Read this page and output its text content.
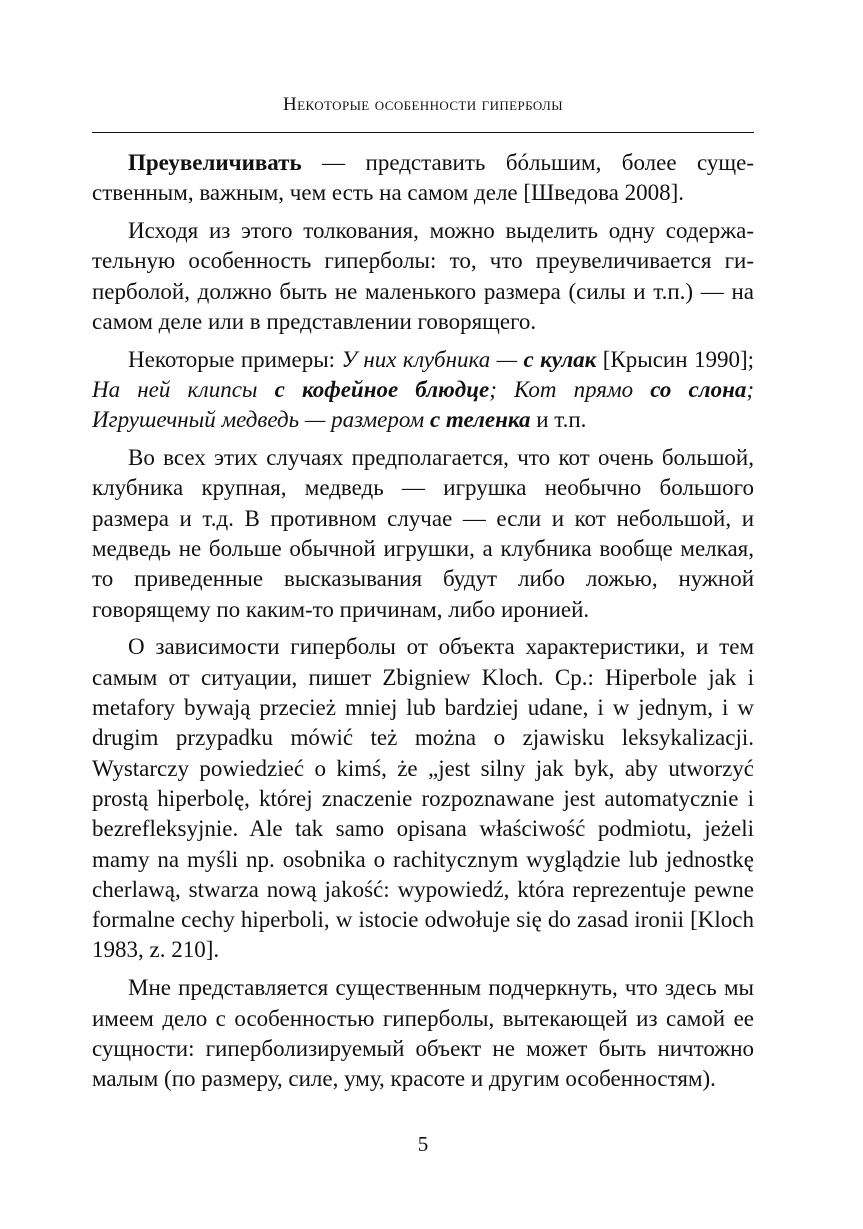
Некоторые особенности гиперболы

Преувеличивать — представить бóльшим, более существенным, важным, чем есть на самом деле [Шведова 2008].

Исходя из этого толкования, можно выделить одну содержательную особенность гиперболы: то, что преувеличивается гиперболой, должно быть не маленького размера (силы и т.п.) — на самом деле или в представлении говорящего.

Некоторые примеры: У них клубника — с кулак [Крысин 1990]; На ней клипсы с кофейное блюдце; Кот прямо со слона; Игрушечный медведь — размером с теленка и т.п.

Во всех этих случаях предполагается, что кот очень большой, клубника крупная, медведь — игрушка необычно большого размера и т.д. В противном случае — если и кот небольшой, и медведь не больше обычной игрушки, а клубника вообще мелкая, то приведенные высказывания будут либо ложью, нужной говорящему по каким-то причинам, либо иронией.

О зависимости гиперболы от объекта характеристики, и тем самым от ситуации, пишет Zbigniew Kloch. Ср.: Hiperbole jak i metafory bywają przecież mniej lub bardziej udane, i w jednym, i w drugim przypadku mówić też można o zjawisku leksykalizacji. Wystarczy powiedzieć o kimś, że „jest silny jak byk, aby utworzyć prostą hiperbolę, której znaczenie rozpoznawane jest automatycznie i bezrefleksyjnie. Ale tak samo opisana właściwość podmiotu, jeżeli mamy na myśli np. osobnika o rachitycznym wyglądzie lub jednostkę cherlawą, stwarza nową jakość: wypowiedź, która reprezentuje pewne formalne cechy hiperboli, w istocie odwołuje się do zasad ironii [Kloch 1983, z. 210].

Мне представляется существенным подчеркнуть, что здесь мы имеем дело с особенностью гиперболы, вытекающей из самой ее сущности: гиперболизируемый объект не может быть ничтожно малым (по размеру, силе, уму, красоте и другим особенностям).

5
